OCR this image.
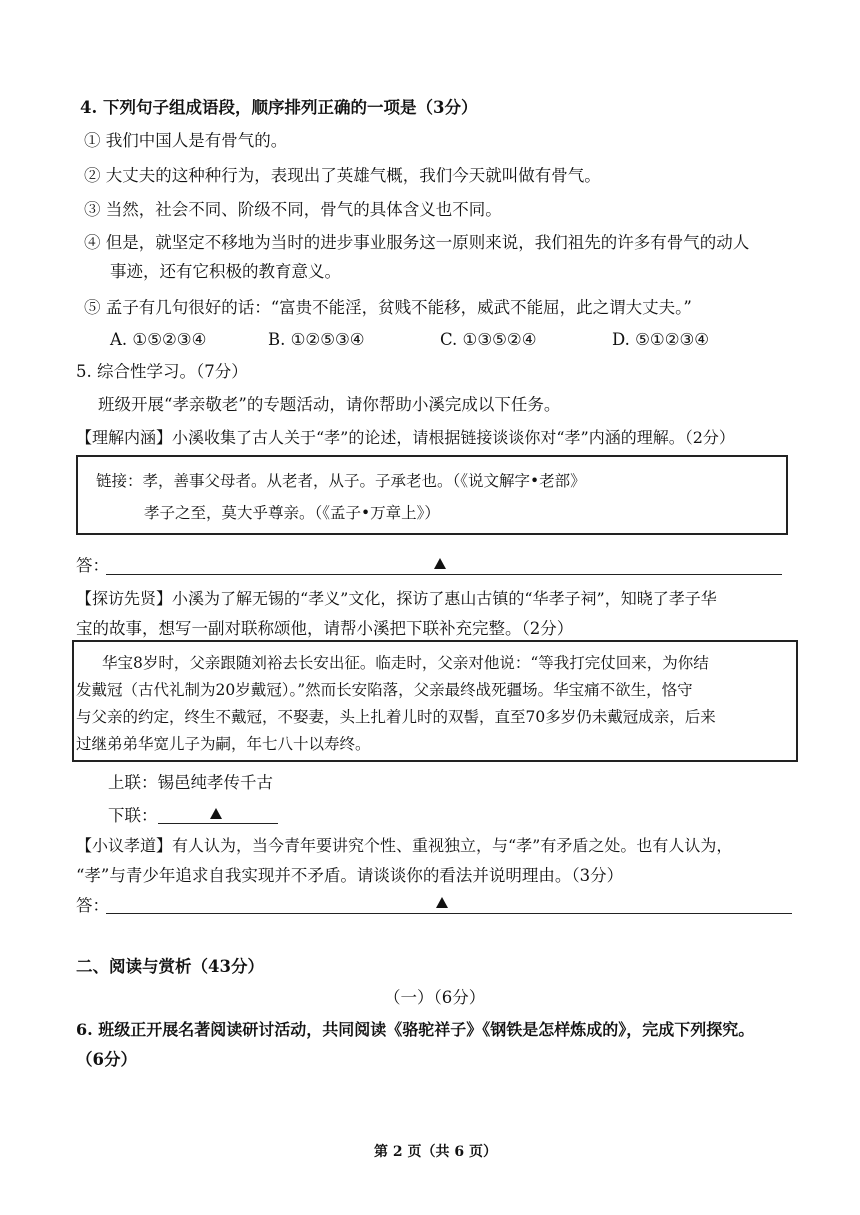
4. 下列句子组成语段，顺序排列正确的一项是（3分）
① 我们中国人是有骨气的。
② 大丈夫的这种种行为，表现出了英雄气概，我们今天就叫做有骨气。
③ 当然，社会不同、阶级不同，骨气的具体含义也不同。
④ 但是，就坚定不移地为当时的进步事业服务这一原则来说，我们祖先的许多有骨气的动人
事迹，还有它积极的教育意义。
⑤ 孟子有几句很好的话：“富贵不能淫，贫贱不能移，威武不能屈，此之谓大丈夫。”
A. ①⑤②③④	B. ①②⑤③④	C. ①③⑤②④	D. ⑤①②③④
5. 综合性学习。（7分）
班级开展“孝亲敬老”的专题活动，请你帮助小溪完成以下任务。
【理解内涵】小溪收集了古人关于“孝”的论述，请根据链接谈谈你对“孝”内涵的理解。（2分）
链接：孝，善事父母者。从老者，从子。子承老也。（《说文解字•老部》
孝子之至，莫大乎尊亲。（《孟子•万章上》）
答：
【探访先贤】小溪为了解无锡的“孝义”文化，探访了惠山古镇的“华孝子祠”，知晓了孝子华
宝的故事，想写一副对联称颂他，请帮小溪把下联补充完整。（2分）
华宝8岁时，父亲跟随刘裕去长安出征。临走时，父亲对他说：“等我打完仗回来，为你结
发戴冠（古代礼制为20岁戴冠）。”然而长安陷落，父亲最终战死疆场。华宝痛不欲生，恪守
与父亲的约定，终生不戴冠，不娶妻，头上扎着儿时的双髻，直至70多岁仍未戴冠成亲，后来
过继弟弟华宽儿子为嗣，年七八十以寿终。
上联：锡邑纯孝传千古
下联：
【小议孝道】有人认为，当今青年要讲究个性、重视独立，与“孝”有矛盾之处。也有人认为，
“孝”与青少年追求自我实现并不矛盾。请谈谈你的看法并说明理由。（3分）
答：
二、阅读与赏析（43分）
（一）（6分）
6. 班级正开展名著阅读研讨活动，共同阅读《骆驼祥子》《钢铁是怎样炼成的》，完成下列探究。
（6分）
第 2 页（共 6 页）
